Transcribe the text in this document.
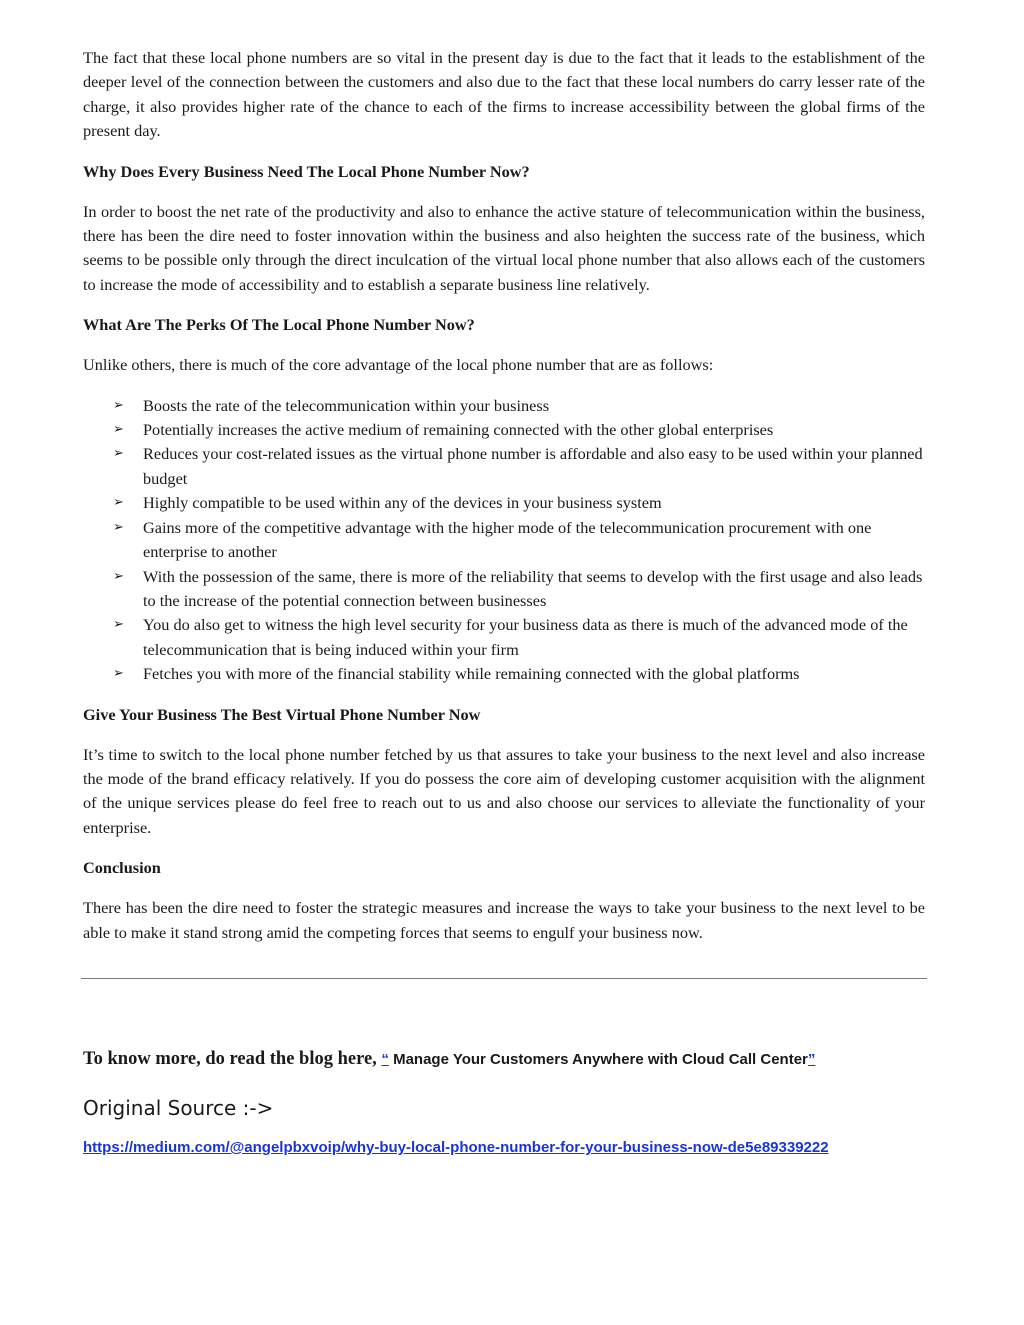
The fact that these local phone numbers are so vital in the present day is due to the fact that it leads to the establishment of the deeper level of the connection between the customers and also due to the fact that these local numbers do carry lesser rate of the charge, it also provides higher rate of the chance to each of the firms to increase accessibility between the global firms of the present day.

Why Does Every Business Need The Local Phone Number Now?

In order to boost the net rate of the productivity and also to enhance the active stature of telecommunication within the business, there has been the dire need to foster innovation within the business and also heighten the success rate of the business, which seems to be possible only through the direct inculcation of the virtual local phone number that also allows each of the customers to increase the mode of accessibility and to establish a separate business line relatively.

What Are The Perks Of The Local Phone Number Now?

Unlike others, there is much of the core advantage of the local phone number that are as follows:

➢ Boosts the rate of the telecommunication within your business
➢ Potentially increases the active medium of remaining connected with the other global enterprises
➢ Reduces your cost-related issues as the virtual phone number is affordable and also easy to be used within your planned budget
➢ Highly compatible to be used within any of the devices in your business system
➢ Gains more of the competitive advantage with the higher mode of the telecommunication procurement with one enterprise to another
➢ With the possession of the same, there is more of the reliability that seems to develop with the first usage and also leads to the increase of the potential connection between businesses
➢ You do also get to witness the high level security for your business data as there is much of the advanced mode of the telecommunication that is being induced within your firm
➢ Fetches you with more of the financial stability while remaining connected with the global platforms

Give Your Business The Best Virtual Phone Number Now

It’s time to switch to the local phone number fetched by us that assures to take your business to the next level and also increase the mode of the brand efficacy relatively. If you do possess the core aim of developing customer acquisition with the alignment of the unique services please do feel free to reach out to us and also choose our services to alleviate the functionality of your enterprise.

Conclusion

There has been the dire need to foster the strategic measures and increase the ways to take your business to the next level to be able to make it stand strong amid the competing forces that seems to engulf your business now.

To know more, do read the blog here, “ Manage Your Customers Anywhere with Cloud Call Center”
Original Source :->
https://medium.com/@angelpbxvoip/why-buy-local-phone-number-for-your-business-now-de5e89339222
